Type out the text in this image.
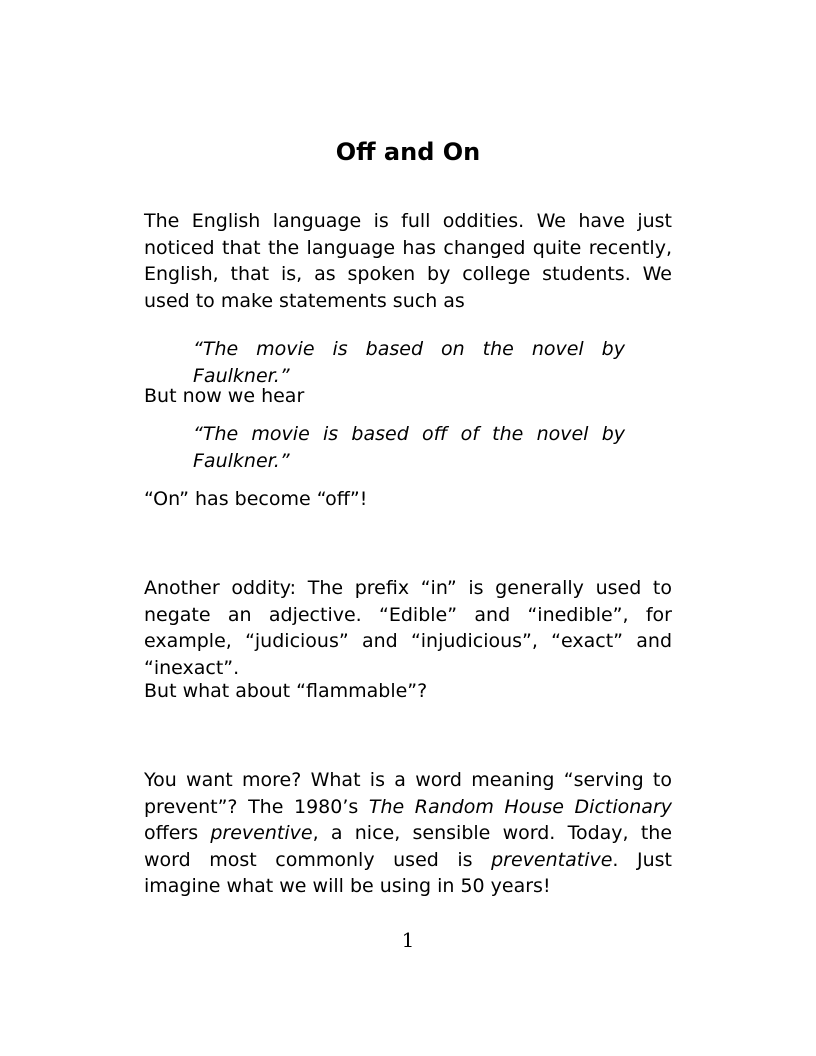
Off and On

The English language is full oddities. We have just noticed that the language has changed quite recently, English, that is, as spoken by college students. We used to make statements such as

“The movie is based on the novel by Faulkner.”

But now we hear

“The movie is based off of the novel by Faulkner.”

“On” has become “off”!

Another oddity: The prefix “in” is generally used to negate an adjective. “Edible” and “inedible”, for example, “judicious” and “injudicious”, “exact” and “inexact”.

But what about “flammable”?

You want more? What is a word meaning “serving to prevent”? The 1980’s The Random House Dictionary offers preventive, a nice, sensible word. Today, the word most commonly used is preventative. Just imagine what we will be using in 50 years!

1
